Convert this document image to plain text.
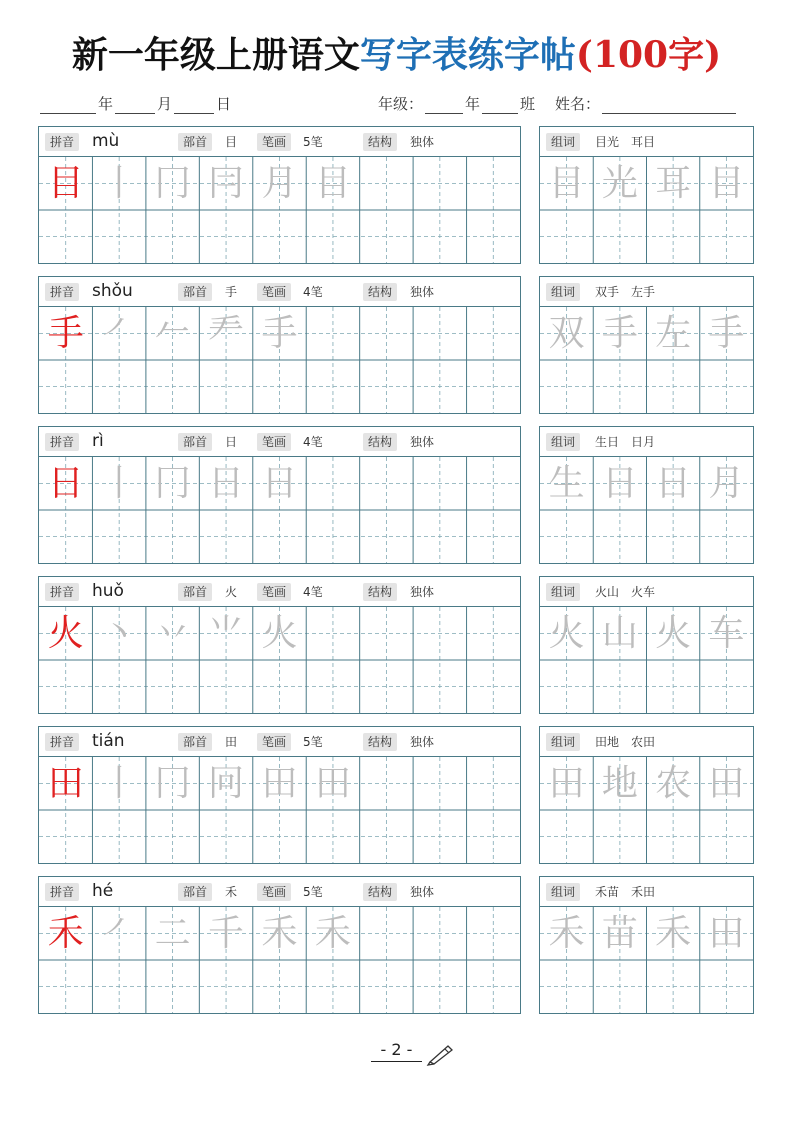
新一年级上册语文写字表练字帖(100字)
年	月	日	年级：	年	班 姓名：
拼音 mù	部首	目	笔画	5笔	结构	独体
目 丨 冂 冃 月 目
组词	目光　耳目
目 光 耳 目
拼音 shǒu	部首	手	笔画	4笔	结构	独体
手 ㇒ 𠂉 龵 手
组词	双手　左手
双 手 左 手
拼音 rì	部首	日	笔画	4笔	结构	独体
日 丨 冂 日 日
组词	生日　日月
生 日 日 月
拼音 huǒ	部首	火	笔画	4笔	结构	独体
火 丶 丷 ⺌ 火
组词	火山　火车
火 山 火 车
拼音 tián	部首	田	笔画	5笔	结构	独体
田 丨 冂 冋 田 田
组词	田地　农田
田 地 农 田
拼音 hé	部首	禾	笔画	5笔	结构	独体
禾 ㇒ 二 千 禾 禾
组词	禾苗　禾田
禾 苗 禾 田
- 2 -
